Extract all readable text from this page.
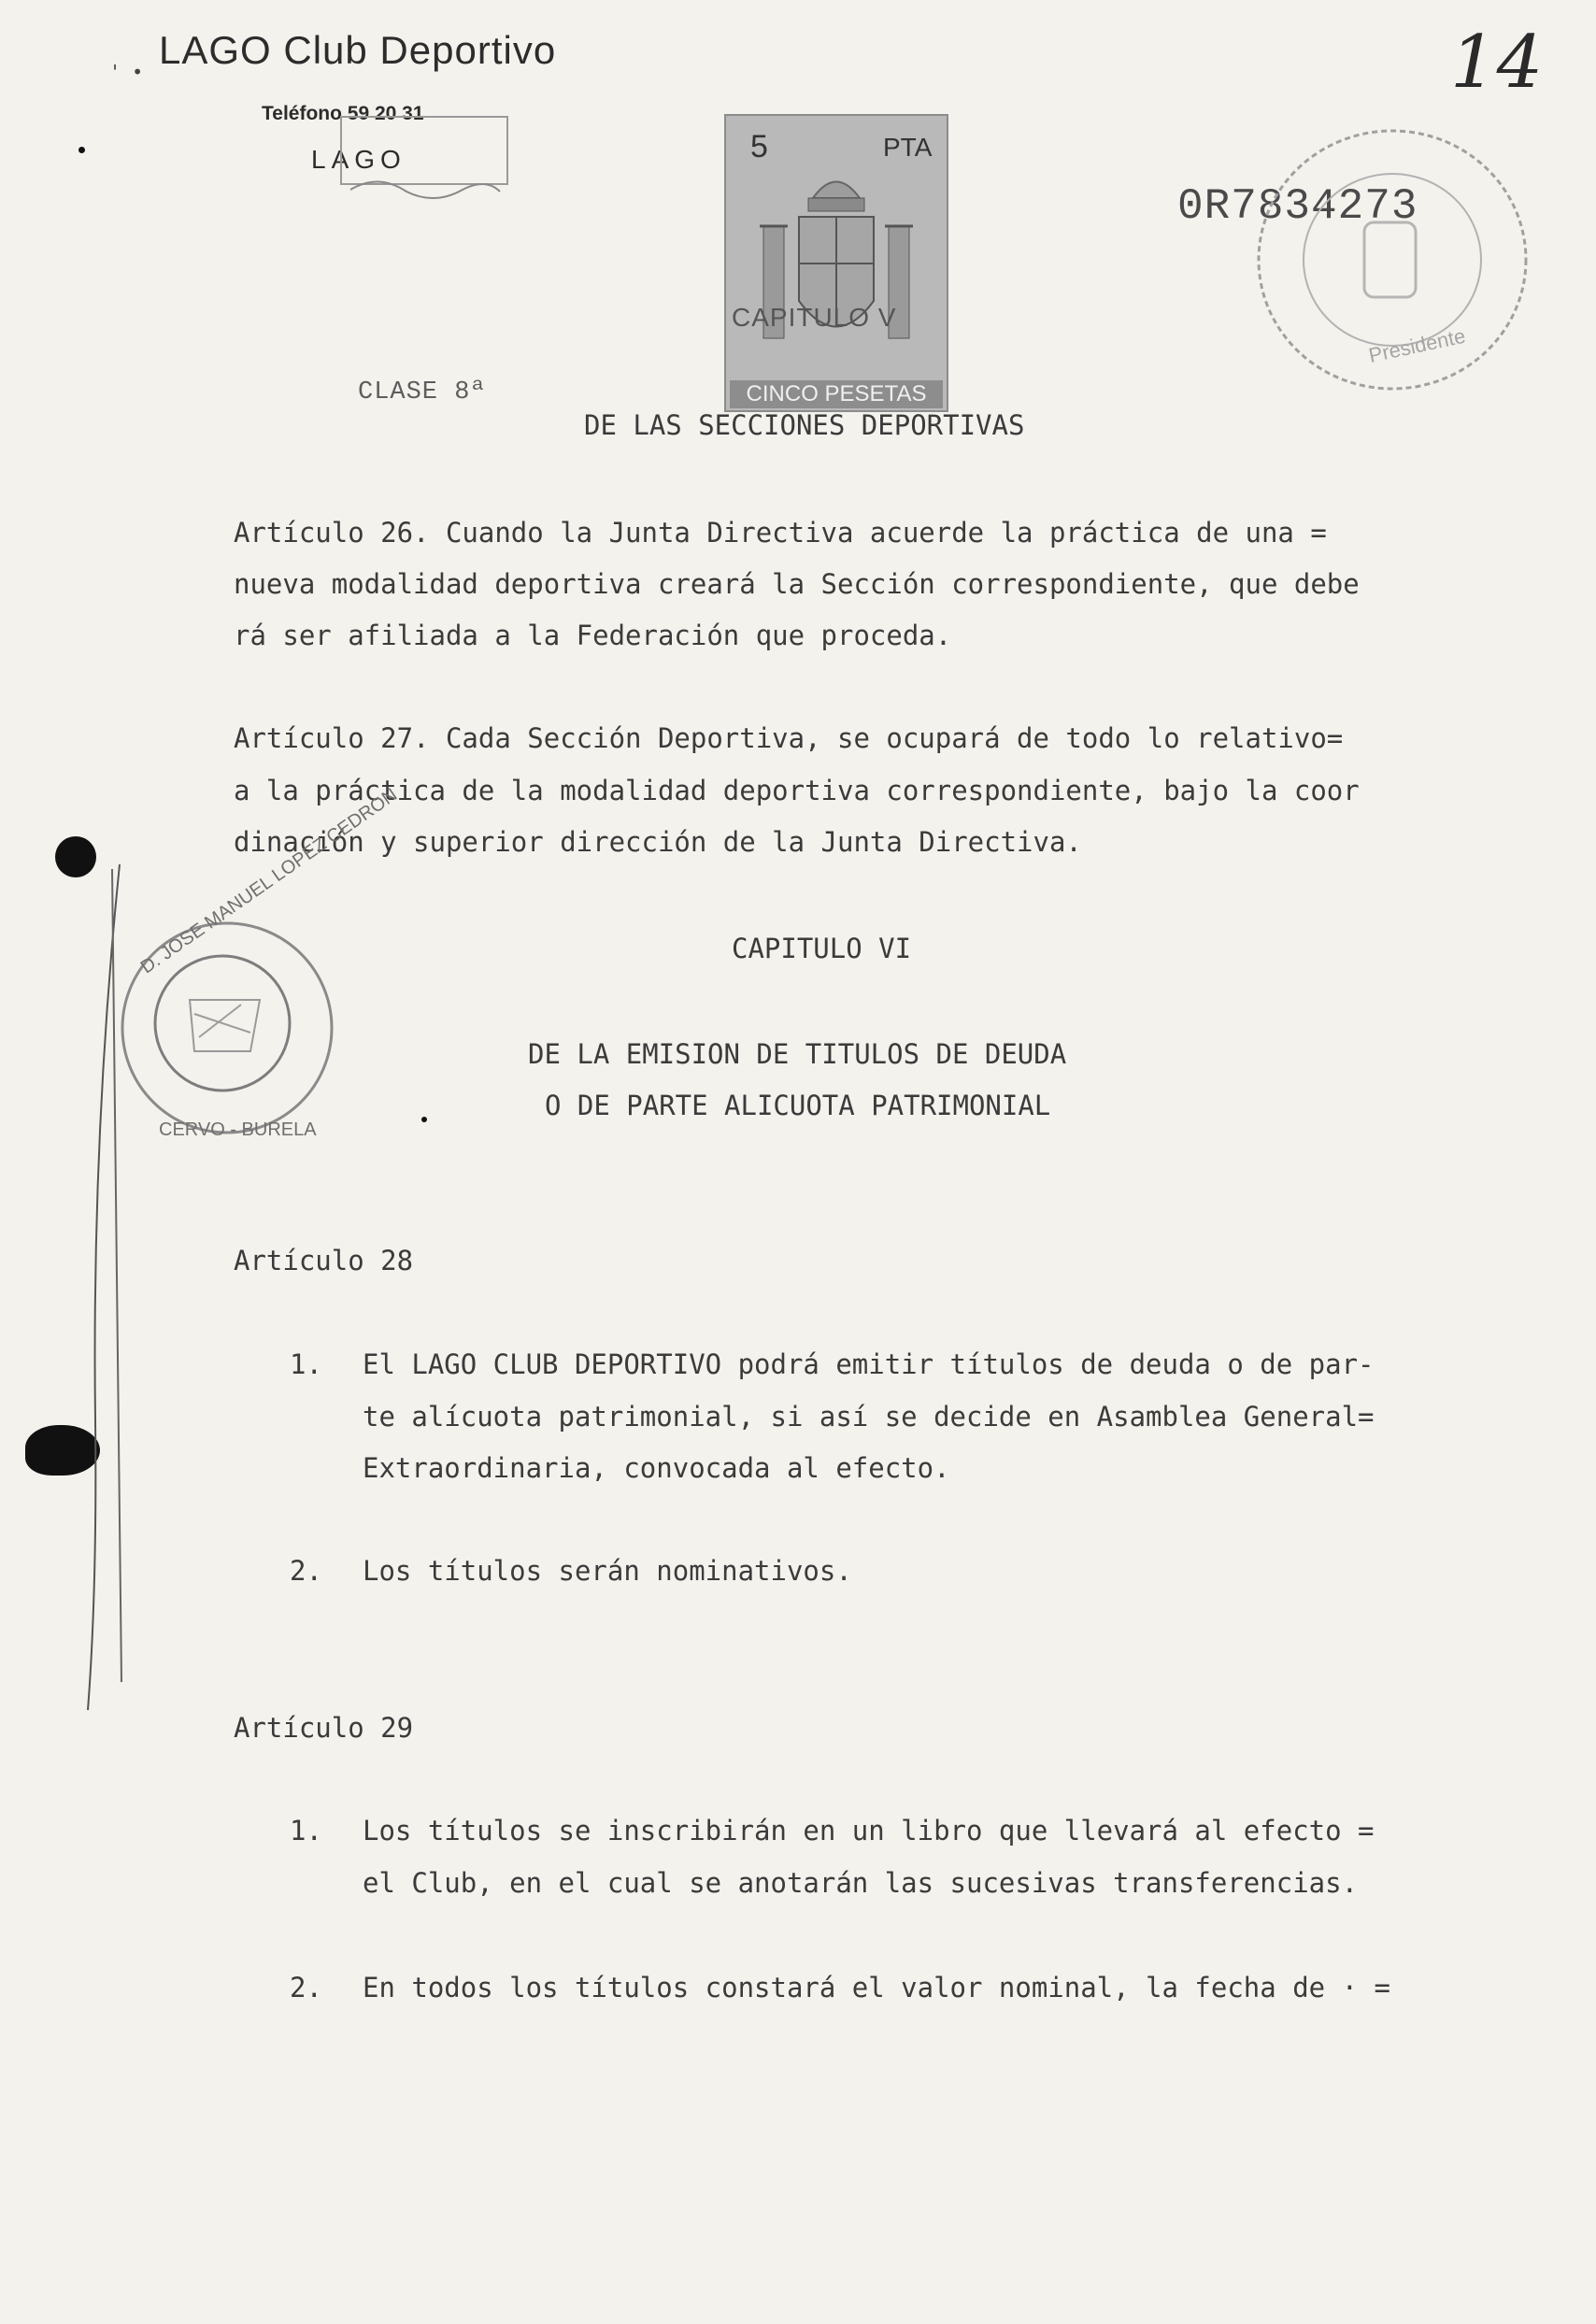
LAGO Club Deportivo
Teléfono 59 20 31
LAGO
' •	14
5	PTA
CAPITULO V
CINCO PESETAS
0R7834273
Presidente
CLASE 8ª
DE LAS SECCIONES DEPORTIVAS
Artículo 26. Cuando la Junta Directiva acuerde la práctica de una =
nueva modalidad deportiva creará la Sección correspondiente, que debe
rá ser afiliada a la Federación que proceda.
Artículo 27. Cada Sección Deportiva, se ocupará de todo lo relativo=
a la práctica de la modalidad deportiva correspondiente, bajo la coor
dinación y superior dirección de la Junta Directiva.
D. JOSE MANUEL LOPEZ CEDRON
CERVO - BURELA
CAPITULO VI
DE LA EMISION DE TITULOS DE DEUDA
O DE PARTE ALICUOTA PATRIMONIAL
Artículo 28
1. El LAGO CLUB DEPORTIVO podrá emitir títulos de deuda o de par-
te alícuota patrimonial, si así se decide en Asamblea General=
Extraordinaria, convocada al efecto.
2. Los títulos serán nominativos.
Artículo 29
1. Los títulos se inscribirán en un libro que llevará al efecto =
el Club, en el cual se anotarán las sucesivas transferencias.
2. En todos los títulos constará el valor nominal, la fecha de · =
